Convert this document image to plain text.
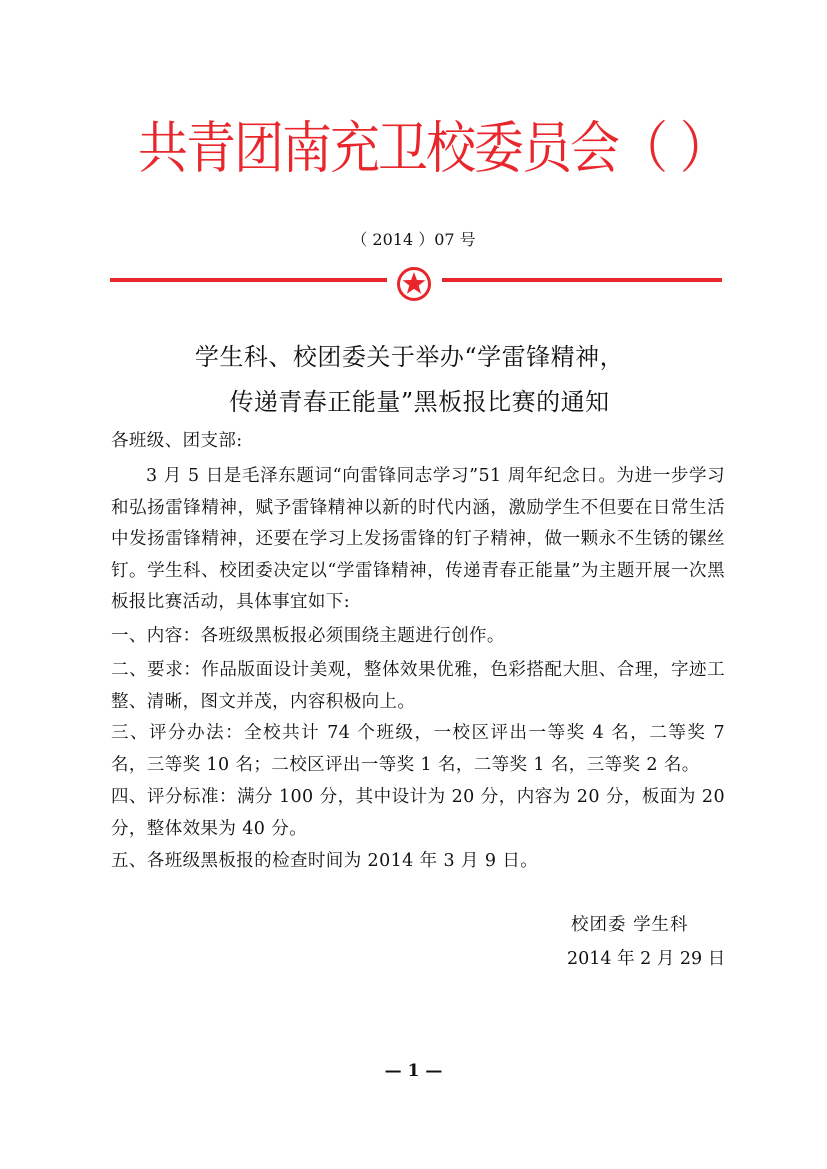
共青团南充卫校委员会（ ）
（ 2014 ）07 号
学生科、校团委关于举办“学雷锋精神，
传递青春正能量”黑板报比赛的通知
各班级、团支部:
3 月 5 日是毛泽东题词“向雷锋同志学习”51 周年纪念日。为进一步学习和弘扬雷锋精神，赋予雷锋精神以新的时代内涵，激励学生不但要在日常生活中发扬雷锋精神，还要在学习上发扬雷锋的钉子精神，做一颗永不生锈的镙丝钉。学生科、校团委决定以“学雷锋精神，传递青春正能量”为主题开展一次黑板报比赛活动，具体事宜如下:
一、内容：各班级黑板报必须围绕主题进行创作。
二、要求：作品版面设计美观，整体效果优雅，色彩搭配大胆、合理，字迹工整、清晰，图文并茂，内容积极向上。
三、评分办法：全校共计 74 个班级，一校区评出一等奖 4 名，二等奖 7 名，三等奖 10 名；二校区评出一等奖 1 名，二等奖 1 名，三等奖 2 名。
四、评分标准：满分 100 分，其中设计为 20 分，内容为 20 分，板面为 20 分，整体效果为 40 分。
五、各班级黑板报的检查时间为 2014 年 3 月 9 日。
校团委 学生科
2014 年 2 月 29 日
— 1 —
